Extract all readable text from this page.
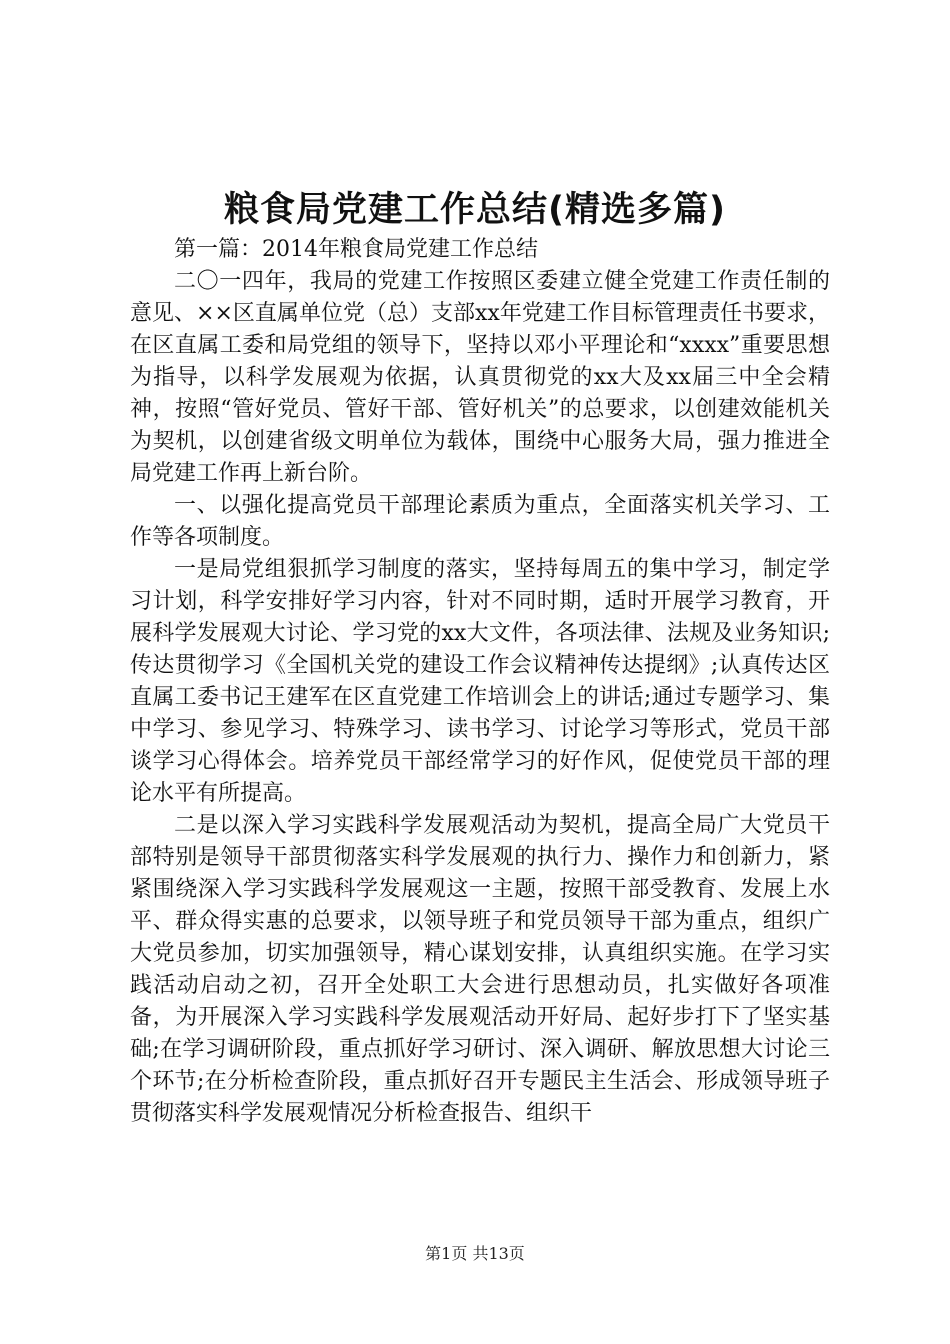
粮食局党建工作总结(精选多篇)

第一篇：2014年粮食局党建工作总结

二〇一四年，我局的党建工作按照区委建立健全党建工作责任制的意见、××区直属单位党（总）支部xx年党建工作目标管理责任书要求，在区直属工委和局党组的领导下，坚持以邓小平理论和“xxxx”重要思想为指导，以科学发展观为依据，认真贯彻党的xx大及xx届三中全会精神，按照“管好党员、管好干部、管好机关”的总要求，以创建效能机关为契机，以创建省级文明单位为载体，围绕中心服务大局，强力推进全局党建工作再上新台阶。

一、以强化提高党员干部理论素质为重点，全面落实机关学习、工作等各项制度。

一是局党组狠抓学习制度的落实，坚持每周五的集中学习，制定学习计划，科学安排好学习内容，针对不同时期，适时开展学习教育，开展科学发展观大讨论、学习党的xx大文件，各项法律、法规及业务知识;传达贯彻学习《全国机关党的建设工作会议精神传达提纲》;认真传达区直属工委书记王建军在区直党建工作培训会上的讲话;通过专题学习、集中学习、参见学习、特殊学习、读书学习、讨论学习等形式，党员干部谈学习心得体会。培养党员干部经常学习的好作风，促使党员干部的理论水平有所提高。

二是以深入学习实践科学发展观活动为契机，提高全局广大党员干部特别是领导干部贯彻落实科学发展观的执行力、操作力和创新力，紧紧围绕深入学习实践科学发展观这一主题，按照干部受教育、发展上水平、群众得实惠的总要求，以领导班子和党员领导干部为重点，组织广大党员参加，切实加强领导，精心谋划安排，认真组织实施。在学习实践活动启动之初，召开全处职工大会进行思想动员，扎实做好各项准备，为开展深入学习实践科学发展观活动开好局、起好步打下了坚实基础;在学习调研阶段，重点抓好学习研讨、深入调研、解放思想大讨论三个环节;在分析检查阶段，重点抓好召开专题民主生活会、形成领导班子贯彻落实科学发展观情况分析检查报告、组织干

第1页 共13页
